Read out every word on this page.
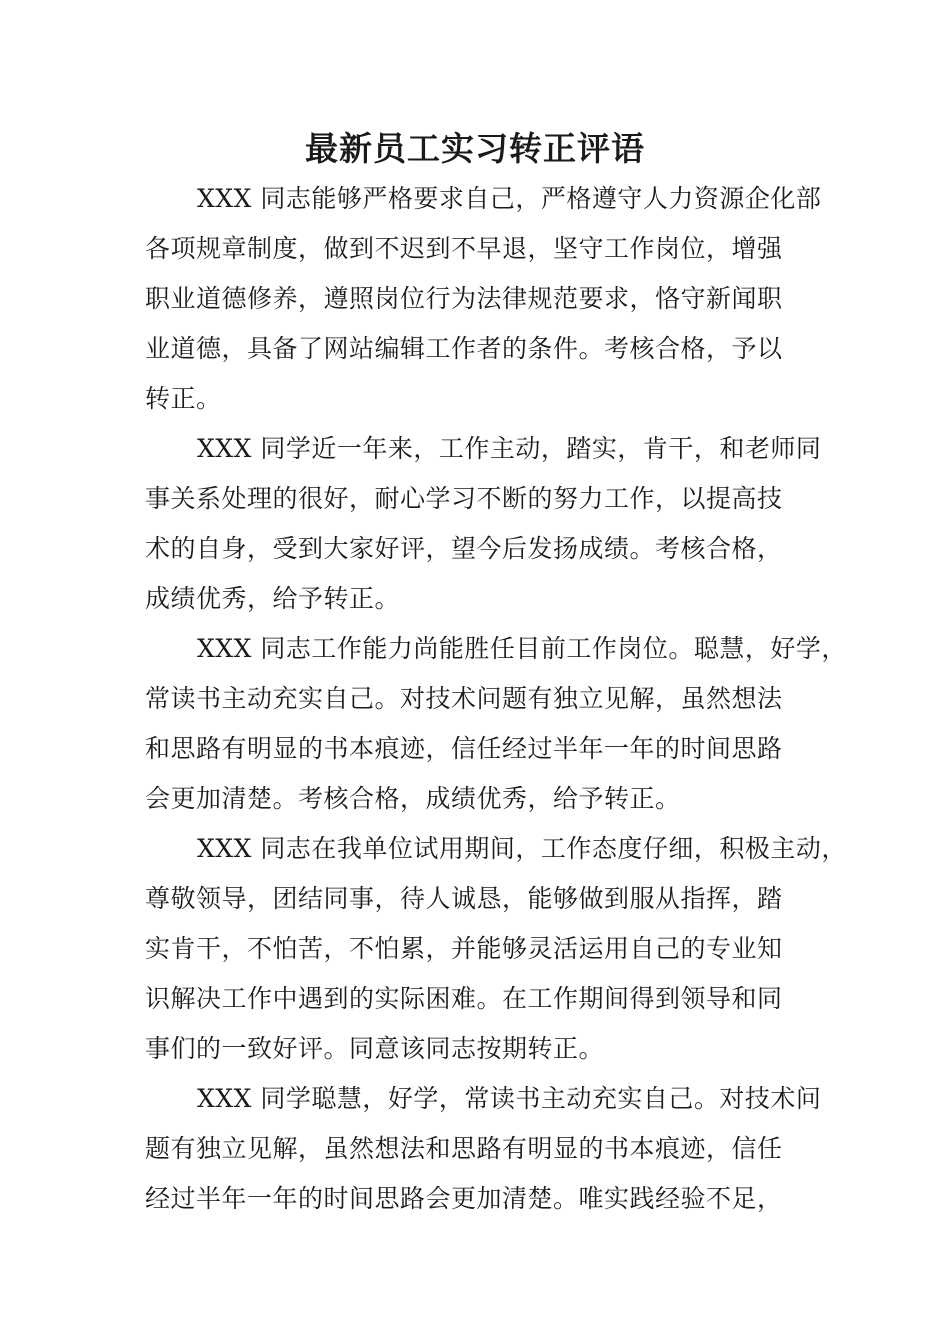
最新员工实习转正评语
XXX 同志能够严格要求自己，严格遵守人力资源企化部
各项规章制度，做到不迟到不早退，坚守工作岗位，增强
职业道德修养，遵照岗位行为法律规范要求，恪守新闻职
业道德，具备了网站编辑工作者的条件。考核合格，予以
转正。
XXX 同学近一年来，工作主动，踏实，肯干，和老师同
事关系处理的很好，耐心学习不断的努力工作，以提高技
术的自身，受到大家好评，望今后发扬成绩。考核合格，
成绩优秀，给予转正。
XXX 同志工作能力尚能胜任目前工作岗位。聪慧，好学，
常读书主动充实自己。对技术问题有独立见解，虽然想法
和思路有明显的书本痕迹，信任经过半年一年的时间思路
会更加清楚。考核合格，成绩优秀，给予转正。
XXX 同志在我单位试用期间，工作态度仔细，积极主动，
尊敬领导，团结同事，待人诚恳，能够做到服从指挥，踏
实肯干，不怕苦，不怕累，并能够灵活运用自己的专业知
识解决工作中遇到的实际困难。在工作期间得到领导和同
事们的一致好评。同意该同志按期转正。
XXX 同学聪慧，好学，常读书主动充实自己。对技术问
题有独立见解，虽然想法和思路有明显的书本痕迹，信任
经过半年一年的时间思路会更加清楚。唯实践经验不足，
